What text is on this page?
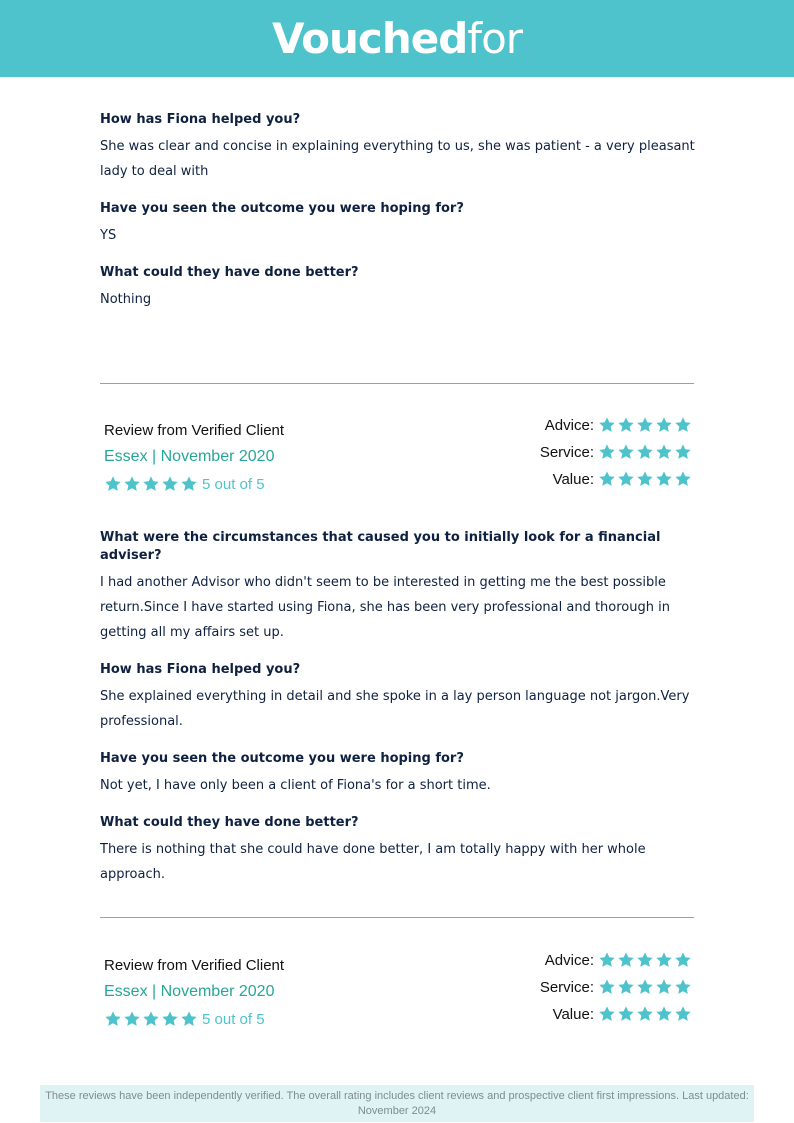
Vouchedfor

How has Fiona helped you?

She was clear and concise in explaining everything to us, she was patient - a very pleasant lady to deal with

Have you seen the outcome you were hoping for?

YS

What could they have done better?

Nothing

Review from Verified Client
Essex | November 2020
5 out of 5
Advice:
Service:
Value:

What were the circumstances that caused you to initially look for a financial adviser?

I had another Advisor who didn't seem to be interested in getting me the best possible return.Since I have started using Fiona, she has been very professional and thorough in getting all my affairs set up.

How has Fiona helped you?

She explained everything in detail and she spoke in a lay person language not jargon.Very professional.

Have you seen the outcome you were hoping for?

Not yet, I have only been a client of Fiona's for a short time.

What could they have done better?

There is nothing that she could have done better, I am totally happy with her whole approach.

Review from Verified Client
Essex | November 2020
5 out of 5
Advice:
Service:
Value:
These reviews have been independently verified. The overall rating includes client reviews and prospective client first impressions. Last updated: November 2024
